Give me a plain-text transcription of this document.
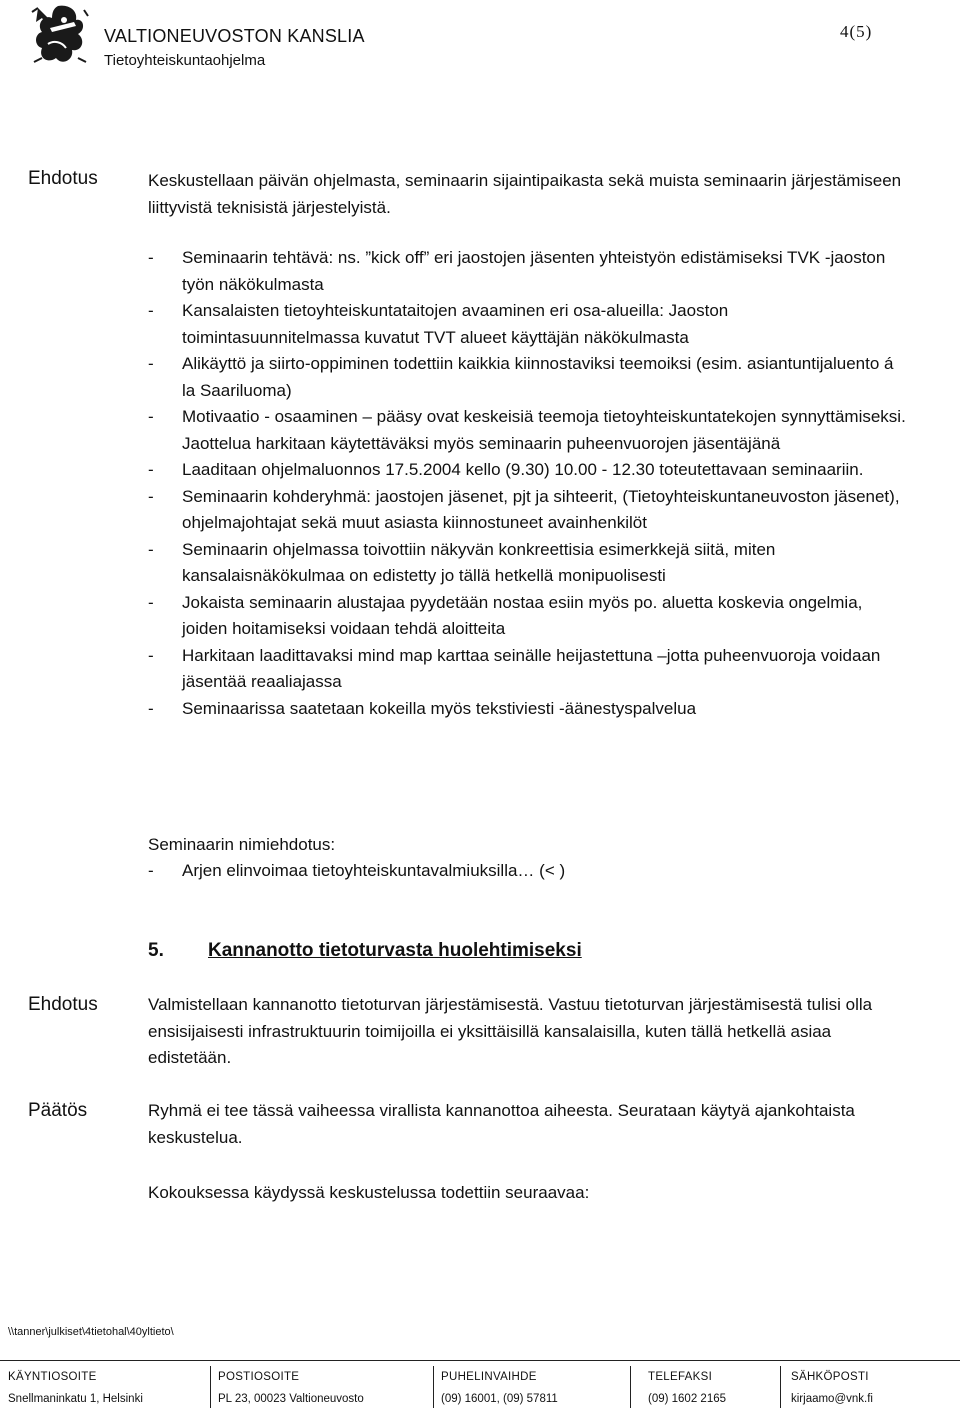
VALTIONEUVOSTON KANSLIA
Tietoyhteiskuntaohjelma
4(5)
Ehdotus	Keskustellaan päivän ohjelmasta, seminaarin sijaintipaikasta sekä muista seminaarin järjestämiseen liittyvistä teknisistä järjestelyistä.

- Seminaarin tehtävä: ns. ”kick off” eri jaostojen jäsenten yhteistyön edistämiseksi TVK -jaoston työn näkökulmasta
- Kansalaisten tietoyhteiskuntataitojen avaaminen eri osa-alueilla: Jaoston toimintasuunnitelmassa kuvatut TVT alueet käyttäjän näkökulmasta
- Alikäyttö ja siirto-oppiminen todettiin kaikkia kiinnostaviksi teemoiksi (esim. asiantuntijaluento á la Saariluoma)
- Motivaatio - osaaminen – pääsy ovat keskeisiä teemoja tietoyhteiskuntatekojen synnyttämiseksi. Jaottelua harkitaan käytettäväksi myös seminaarin puheenvuorojen jäsentäjänä
- Laaditaan ohjelmaluonnos 17.5.2004 kello (9.30) 10.00 - 12.30 toteutettavaan seminaariin.
- Seminaarin kohderyhmä: jaostojen jäsenet, pjt ja sihteerit, (Tietoyhteiskuntaneuvoston jäsenet), ohjelmajohtajat sekä muut asiasta kiinnostuneet avainhenkilöt
- Seminaarin ohjelmassa toivottiin näkyvän konkreettisia esimerkkejä siitä, miten kansalaisnäkökulmaa on edistetty jo tällä hetkellä monipuolisesti
- Jokaista seminaarin alustajaa pyydetään nostaa esiin myös po. aluetta koskevia ongelmia, joiden hoitamiseksi voidaan tehdä aloitteita
- Harkitaan laadittavaksi mind map karttaa seinälle heijastettuna –jotta puheenvuoroja voidaan jäsentää reaaliajassa
- Seminaarissa saatetaan kokeilla myös tekstiviesti -äänestyspalvelua

Seminaarin nimiehdotus:

- Arjen elinvoimaa tietoyhteiskuntavalmiuksilla… (< )
5. Kannanotto tietoturvasta huolehtimiseksi
Ehdotus	Valmistellaan kannanotto tietoturvan järjestämisestä. Vastuu tietoturvan järjestämisestä tulisi olla ensisijaisesti infrastruktuurin toimijoilla ei yksittäisillä kansalaisilla, kuten tällä hetkellä asiaa edistetään.

Päätös	Ryhmä ei tee tässä vaiheessa virallista kannanottoa aiheesta. Seurataan käytyä ajankohtaista keskustelua.

Kokouksessa käydyssä keskustelussa todettiin seuraavaa:

\\tanner\julkiset\4tietohal\40yltieto\
KÄYNTIOSOITE
Snellmaninkatu 1, Helsinki
POSTIOSOITE
PL 23, 00023 Valtioneuvosto
PUHELINVAIHDE
(09) 16001, (09) 57811
TELEFAKSI
(09) 1602 2165
SÄHKÖPOSTI
kirjaamo@vnk.fi
